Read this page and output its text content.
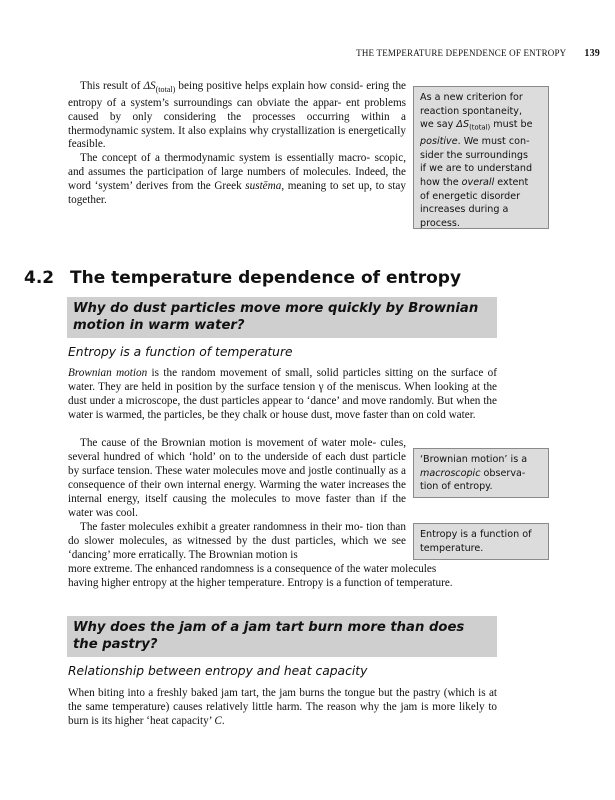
THE TEMPERATURE DEPENDENCE OF ENTROPY 139

This result of $\Delta S_{(total)}$ being positive helps explain how consid- ering the entropy of a system’s surroundings can obviate the appar- ent problems caused by only considering the processes occurring within a thermodynamic system. It also explains why crystallization is energetically feasible.

The concept of a thermodynamic system is essentially macro- scopic, and assumes the participation of large numbers of molecules. Indeed, the word ‘system’ derives from the Greek sustēma, meaning to set up, to stay together.

As a new criterion for

reaction spontaneity,

we say $\Delta S_{(total)}$ must be

positive. We must con-

sider the surroundings

if we are to understand

how the overall extent

of energetic disorder

increases during a

process.

4.2 The temperature dependence of entropy
Why do dust particles move more quickly by Brownian
motion in warm water?
Entropy is a function of temperature

Brownian motion is the random movement of small, solid particles sitting on the surface of water. They are held in position by the surface tension γ of the meniscus. When looking at the dust under a microscope, the dust particles appear to ‘dance’ and move randomly. But when the water is warmed, the particles, be they chalk or house dust, move faster than on cold water.

The cause of the Brownian motion is movement of water mole- cules, several hundred of which ‘hold’ on to the underside of each dust particle by surface tension. These water molecules move and jostle continually as a consequence of their own internal energy. Warming the water increases the internal energy, itself causing the molecules to move faster than if the water was cool.

The faster molecules exhibit a greater randomness in their mo- tion than do slower molecules, as witnessed by the dust particles, which we see ‘dancing’ more erratically. The Brownian motion is

more extreme. The enhanced randomness is a consequence of the water molecules
having higher entropy at the higher temperature. Entropy is a function of temperature.

‘Brownian motion’ is a

macroscopic observa-

tion of entropy.

Entropy is a function of

temperature.

Why does the jam of a jam tart burn more than does
the pastry?
Relationship between entropy and heat capacity

When biting into a freshly baked jam tart, the jam burns the tongue but the pastry (which is at the same temperature) causes relatively little harm. The reason why the jam is more likely to burn is its higher ‘heat capacity’ C.
